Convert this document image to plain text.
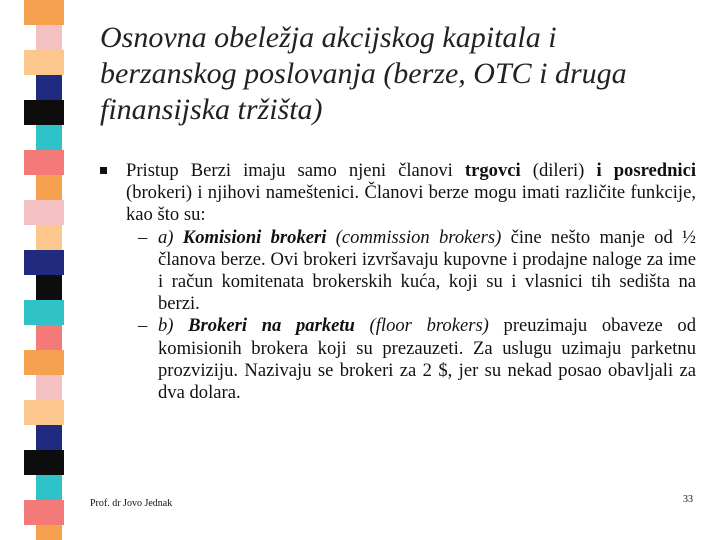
Osnovna obeležja akcijskog kapitala i berzanskog poslovanja (berze, OTC i druga finansijska tržišta)
Pristup Berzi imaju samo njeni članovi trgovci (dileri) i posrednici (brokeri) i njihovi nameštenici. Članovi berze mogu imati različite funkcije, kao što su:
– a) Komisioni brokeri (commission brokers) čine nešto manje od ½ članova berze. Ovi brokeri izvršavaju kupovne i prodajne naloge za ime i račun komitenata brokerskih kuća, koji su i vlasnici tih sedišta na berzi.
– b) Brokeri na parketu (floor brokers) preuzimaju obaveze od komisionih brokera koji su prezauzeti. Za uslugu uzimaju parketnu prozviziju. Nazivaju se brokeri za 2 $, jer su nekad posao obavljali za dva dolara.
Prof. dr Jovo Jednak	33
